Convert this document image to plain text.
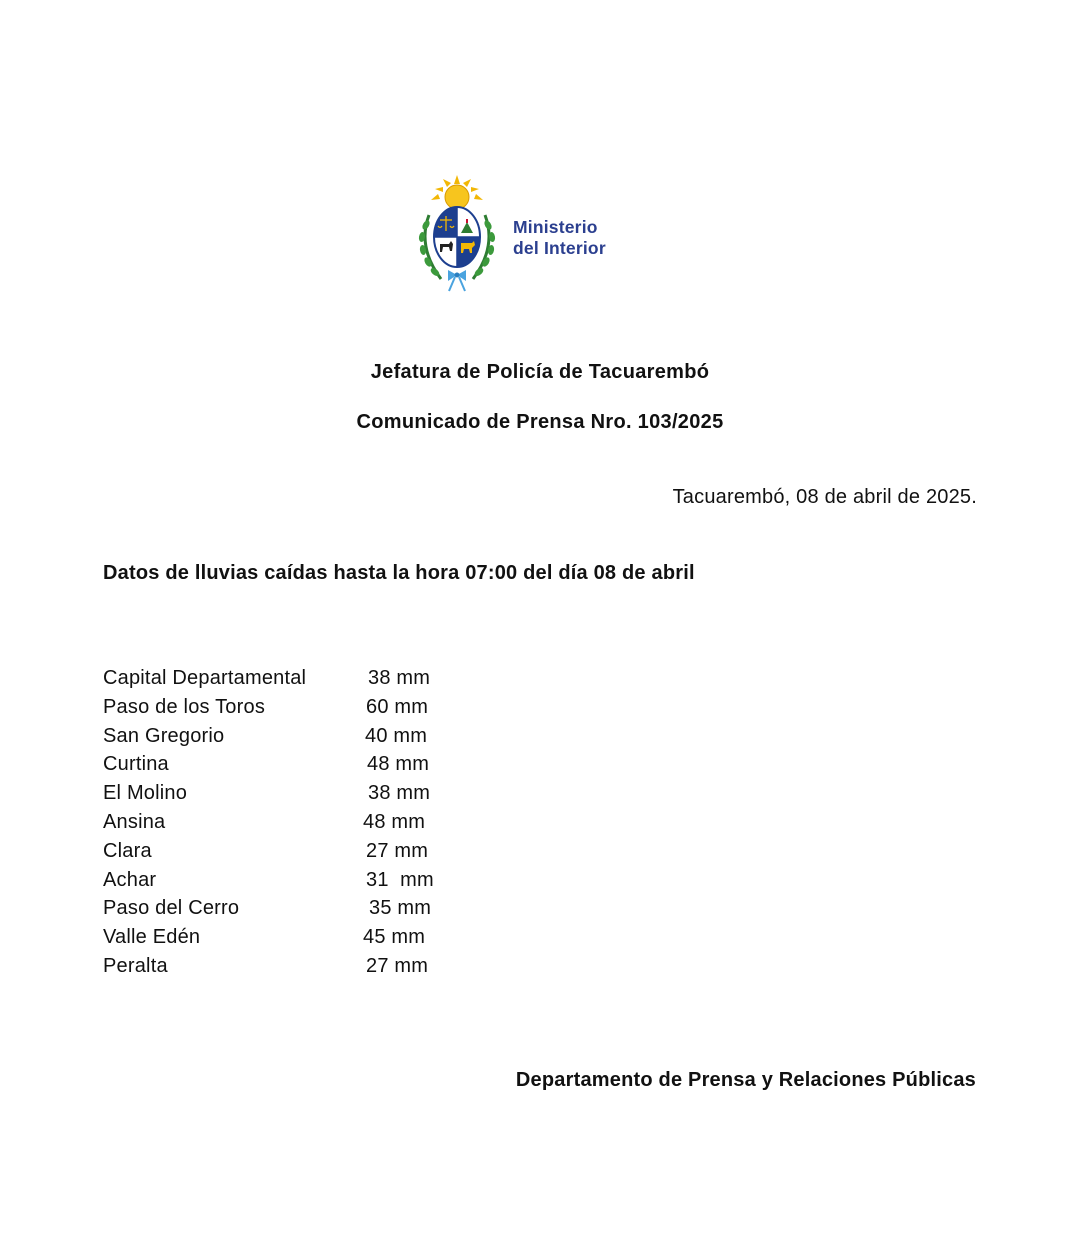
Ministerio
del Interior
Jefatura de Policía de Tacuarembó
Comunicado de Prensa Nro. 103/2025
Tacuarembó, 08 de abril de 2025.
Datos de lluvias caídas hasta la hora 07:00 del día 08 de abril
Capital Departamental	38 mm
Paso de los Toros	60 mm
San Gregorio	40 mm
Curtina	48 mm
El Molino	38 mm
Ansina	48 mm
Clara	27 mm
Achar	31  mm
Paso del Cerro	35 mm
Valle Edén	45 mm
Peralta	27 mm
Departamento de Prensa y Relaciones Públicas
